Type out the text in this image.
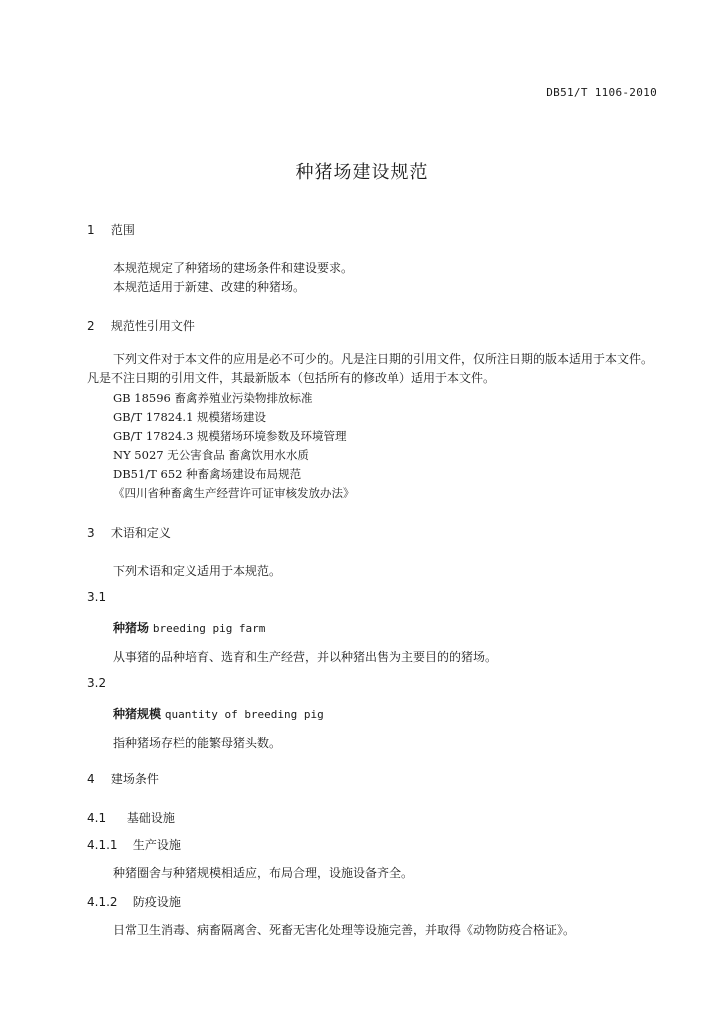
DB51/T 1106-2010
种猪场建设规范
1 范围
本规范规定了种猪场的建场条件和建设要求。
本规范适用于新建、改建的种猪场。
2 规范性引用文件
下列文件对于本文件的应用是必不可少的。凡是注日期的引用文件，仅所注日期的版本适用于本文件。凡是不注日期的引用文件，其最新版本（包括所有的修改单）适用于本文件。
GB 18596 畜禽养殖业污染物排放标准
GB/T 17824.1 规模猪场建设
GB/T 17824.3 规模猪场环境参数及环境管理
NY 5027 无公害食品 畜禽饮用水水质
DB51/T 652 种畜禽场建设布局规范
《四川省种畜禽生产经营许可证审核发放办法》
3 术语和定义
下列术语和定义适用于本规范。
3.1
种猪场 breeding pig farm
从事猪的品种培育、选育和生产经营，并以种猪出售为主要目的的猪场。
3.2
种猪规模 quantity of breeding pig
指种猪场存栏的能繁母猪头数。
4 建场条件
4.1 基础设施
4.1.1 生产设施
种猪圈舍与种猪规模相适应，布局合理，设施设备齐全。
4.1.2 防疫设施
日常卫生消毒、病畜隔离舍、死畜无害化处理等设施完善，并取得《动物防疫合格证》。
